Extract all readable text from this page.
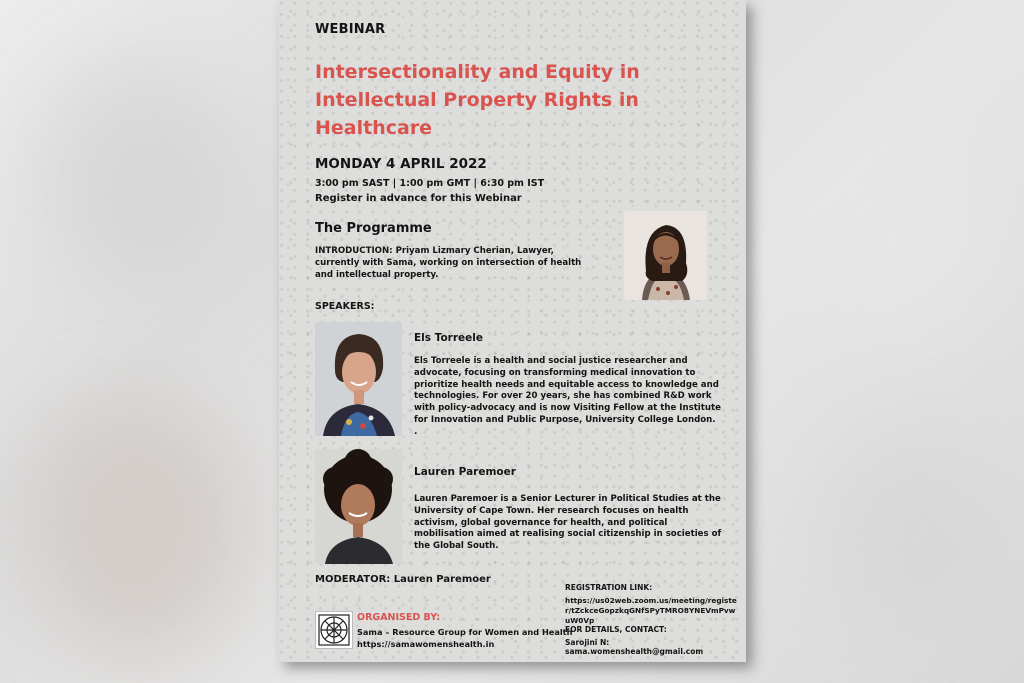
WEBINAR
Intersectionality and Equity in Intellectual Property Rights in Healthcare
MONDAY 4 APRIL 2022
3:00 pm SAST | 1:00 pm GMT | 6:30 pm IST
Register in advance for this Webinar
The Programme
INTRODUCTION: Priyam Lizmary Cherian, Lawyer, currently with Sama, working on intersection of health and intellectual property.
SPEAKERS:
Els Torreele
Els Torreele is a health and social justice researcher and advocate, focusing on transforming medical innovation to prioritize health needs and equitable access to knowledge and technologies. For over 20 years, she has combined R&D work with policy-advocacy and is now Visiting Fellow at the Institute for Innovation and Public Purpose, University College London.
.
Lauren Paremoer
Lauren Paremoer is a Senior Lecturer in Political Studies at the University of Cape Town. Her research focuses on health activism, global governance for health, and political mobilisation aimed at realising social citizenship in societies of the Global South.
MODERATOR: Lauren Paremoer
ORGANISED BY:
Sama – Resource Group for Women and Health
https://samawomenshealth.in
REGISTRATION LINK:
https://us02web.zoom.us/meeting/register/tZckceGopzkqGNfSPyTMRO8YNEVmPvwuW0Vp
FOR DETAILS, CONTACT:
Sarojini N: sama.womenshealth@gmail.com
